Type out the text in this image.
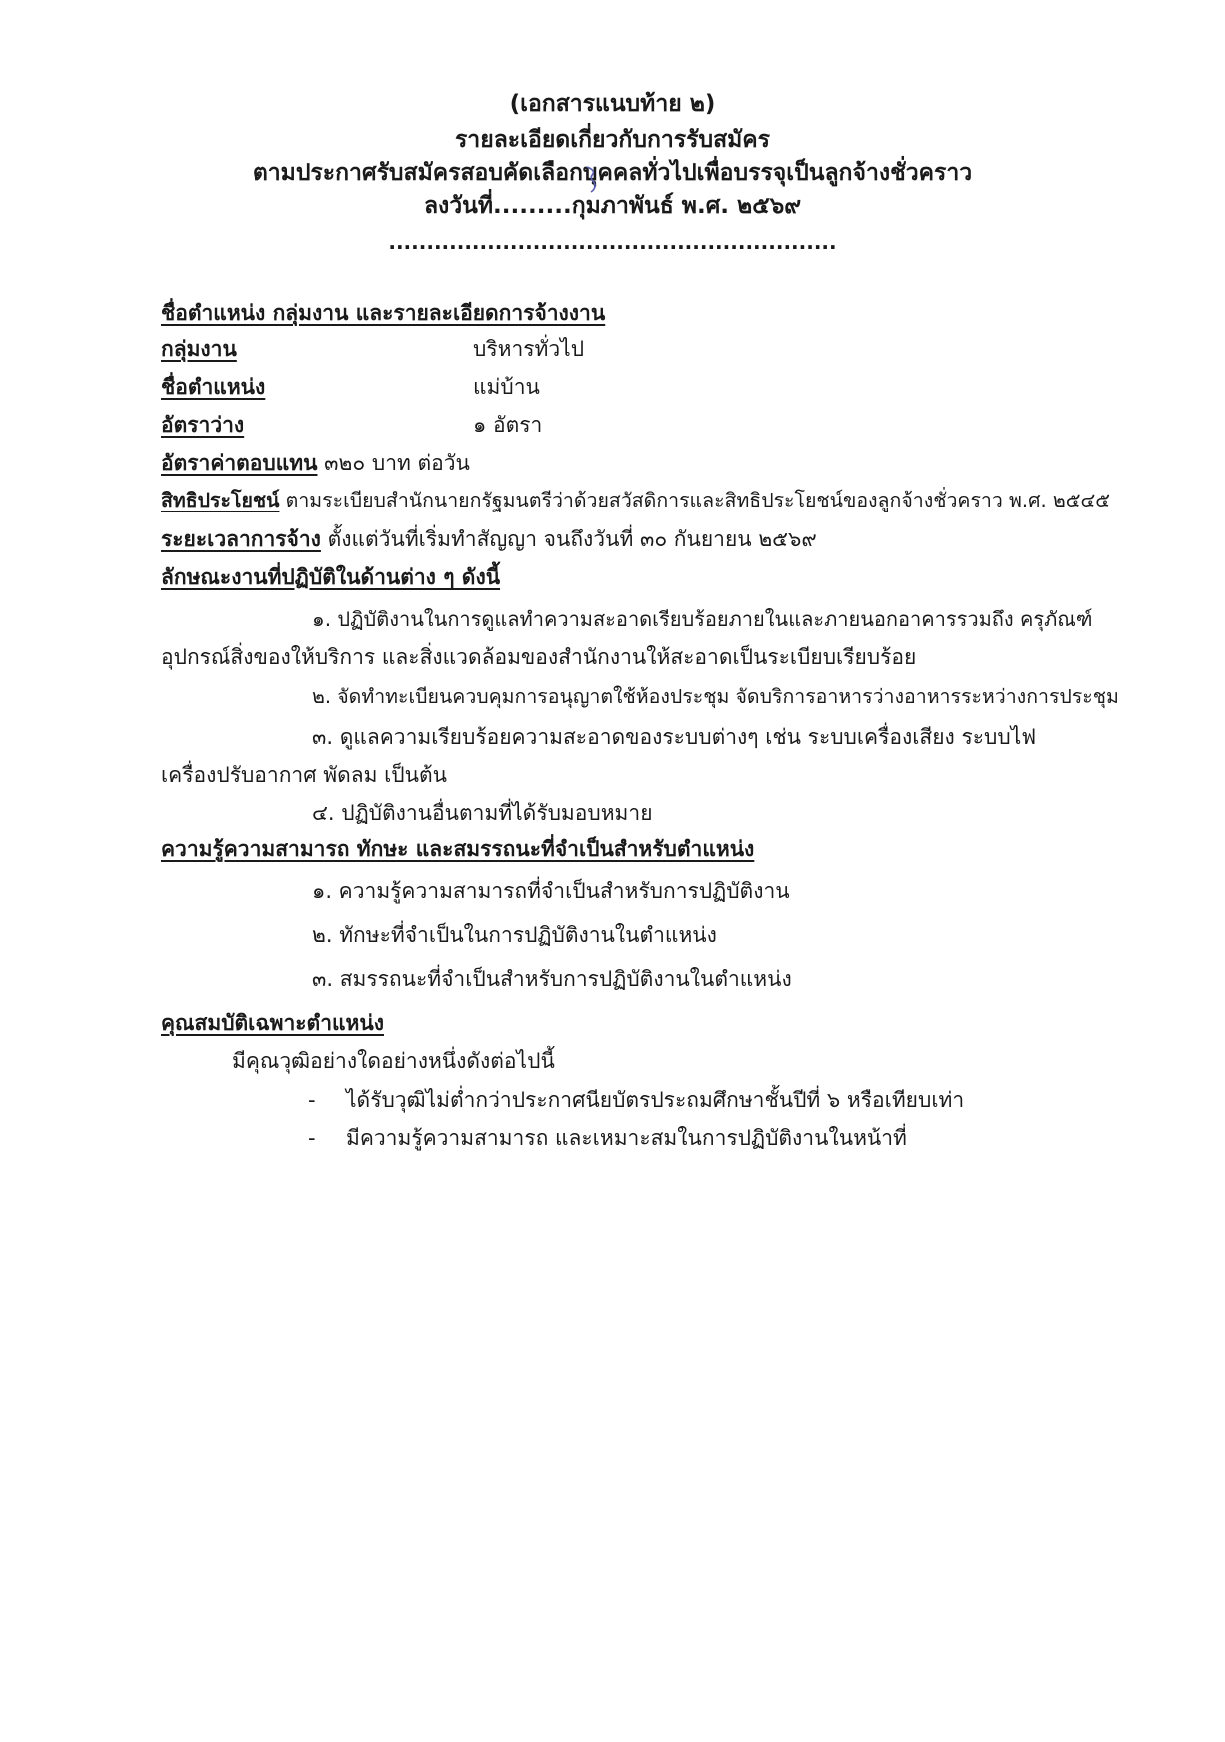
(เอกสารแนบท้าย ๒)
รายละเอียดเกี่ยวกับการรับสมัคร
ตามประกาศรับสมัครสอบคัดเลือกบุคคลทั่วไปเพื่อบรรจุเป็นลูกจ้างชั่วคราว
ลงวันที่.........กุมภาพันธ์ พ.ศ. ๒๕๖๙
...........................................................
ชื่อตำแหน่ง กลุ่มงาน และรายละเอียดการจ้างงาน
กลุ่มงาน	บริหารทั่วไป
ชื่อตำแหน่ง	แม่บ้าน
อัตราว่าง	๑ อัตรา
อัตราค่าตอบแทน ๓๒๐ บาท ต่อวัน
สิทธิประโยชน์ ตามระเบียบสำนักนายกรัฐมนตรีว่าด้วยสวัสดิการและสิทธิประโยชน์ของลูกจ้างชั่วคราว พ.ศ. ๒๕๔๕
ระยะเวลาการจ้าง ตั้งแต่วันที่เริ่มทำสัญญา จนถึงวันที่ ๓๐ กันยายน ๒๕๖๙
ลักษณะงานที่ปฏิบัติในด้านต่าง ๆ ดังนี้
๑. ปฏิบัติงานในการดูแลทำความสะอาดเรียบร้อยภายในและภายนอกอาคารรวมถึง ครุภัณฑ์
อุปกรณ์สิ่งของให้บริการ และสิ่งแวดล้อมของสำนักงานให้สะอาดเป็นระเบียบเรียบร้อย
๒. จัดทำทะเบียนควบคุมการอนุญาตใช้ห้องประชุม จัดบริการอาหารว่างอาหารระหว่างการประชุม
๓. ดูแลความเรียบร้อยความสะอาดของระบบต่างๆ เช่น ระบบเครื่องเสียง ระบบไฟ
เครื่องปรับอากาศ พัดลม เป็นต้น
๔. ปฏิบัติงานอื่นตามที่ได้รับมอบหมาย
ความรู้ความสามารถ ทักษะ และสมรรถนะที่จำเป็นสำหรับตำแหน่ง
๑. ความรู้ความสามารถที่จำเป็นสำหรับการปฏิบัติงาน
๒. ทักษะที่จำเป็นในการปฏิบัติงานในตำแหน่ง
๓. สมรรถนะที่จำเป็นสำหรับการปฏิบัติงานในตำแหน่ง
คุณสมบัติเฉพาะตำแหน่ง
มีคุณวุฒิอย่างใดอย่างหนึ่งดังต่อไปนี้
- ได้รับวุฒิไม่ต่ำกว่าประกาศนียบัตรประถมศึกษาชั้นปีที่ ๖ หรือเทียบเท่า
- มีความรู้ความสามารถ และเหมาะสมในการปฏิบัติงานในหน้าที่
